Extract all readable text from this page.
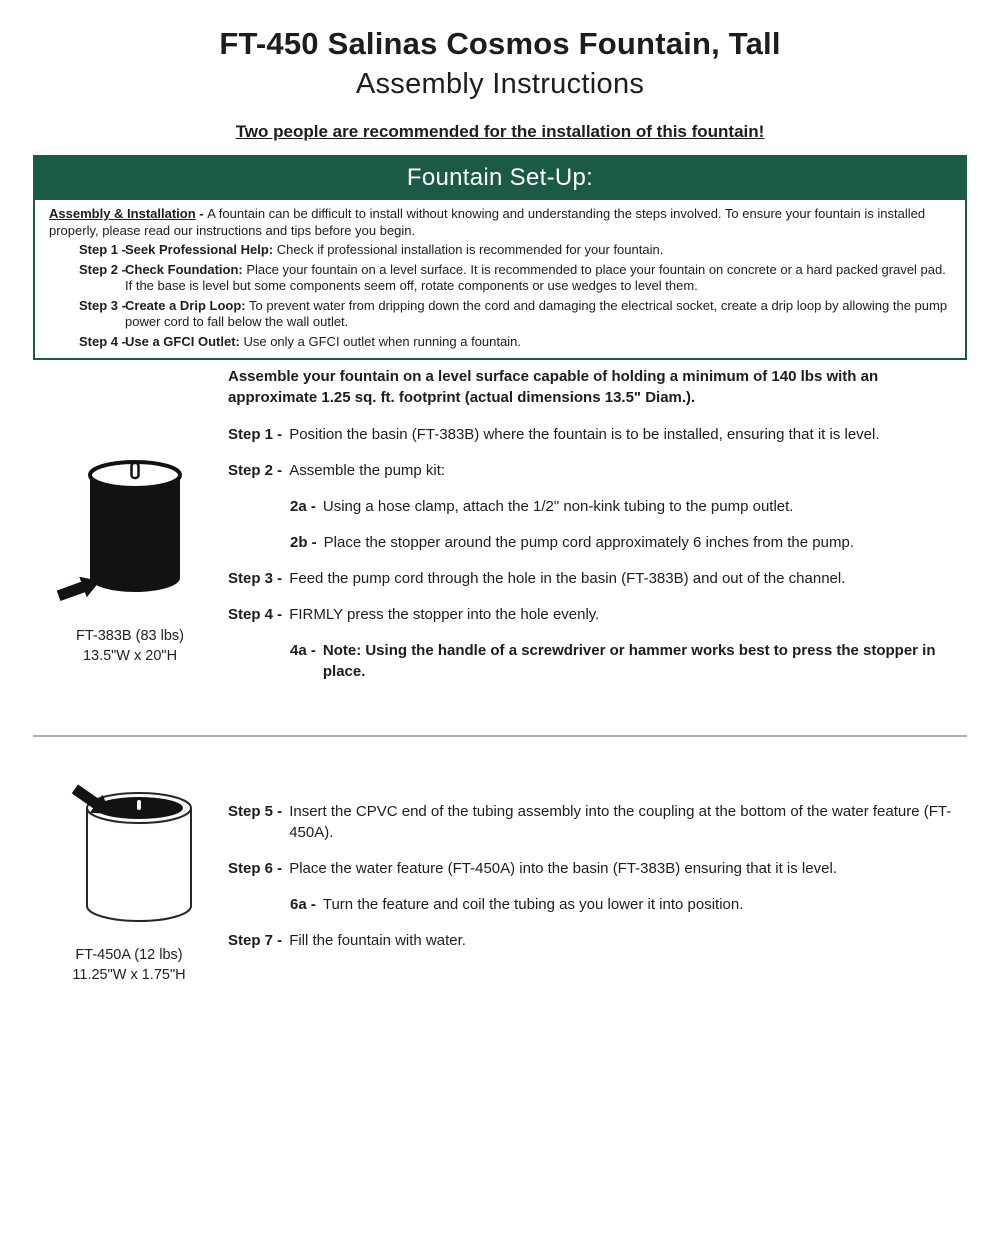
FT-450 Salinas Cosmos Fountain, Tall
Assembly Instructions
Two people are recommended for the installation of this fountain!
Fountain Set-Up:
Assembly & Installation - A fountain can be difficult to install without knowing and understanding the steps involved. To ensure your fountain is installed properly, please read our instructions and tips before you begin.
Step 1 - Seek Professional Help: Check if professional installation is recommended for your fountain.
Step 2 - Check Foundation: Place your fountain on a level surface. It is recommended to place your fountain on concrete or a hard packed gravel pad. If the base is level but some components seem off, rotate components or use wedges to level them.
Step 3 - Create a Drip Loop: To prevent water from dripping down the cord and damaging the electrical socket, create a drip loop by allowing the pump power cord to fall below the wall outlet.
Step 4 - Use a GFCI Outlet: Use only a GFCI outlet when running a fountain.
FT-383B (83 lbs)
13.5"W x 20"H
FT-450A (12 lbs)
11.25"W x 1.75"H
Assemble your fountain on a level surface capable of holding a minimum of 140 lbs with an approximate 1.25 sq. ft. footprint (actual dimensions 13.5" Diam.).
Step 1 - Position the basin (FT-383B) where the fountain is to be installed, ensuring that it is level.
Step 2 - Assemble the pump kit:
2a - Using a hose clamp, attach the 1/2" non-kink tubing to the pump outlet.
2b - Place the stopper around the pump cord approximately 6 inches from the pump.
Step 3 - Feed the pump cord through the hole in the basin (FT-383B) and out of the channel.
Step 4 - FIRMLY press the stopper into the hole evenly.
4a - Note: Using the handle of a screwdriver or hammer works best to press the stopper in place.
Step 5 - Insert the CPVC end of the tubing assembly into the coupling at the bottom of the water feature (FT-450A).
Step 6 - Place the water feature (FT-450A) into the basin (FT-383B) ensuring that it is level.
6a - Turn the feature and coil the tubing as you lower it into position.
Step 7 - Fill the fountain with water.
